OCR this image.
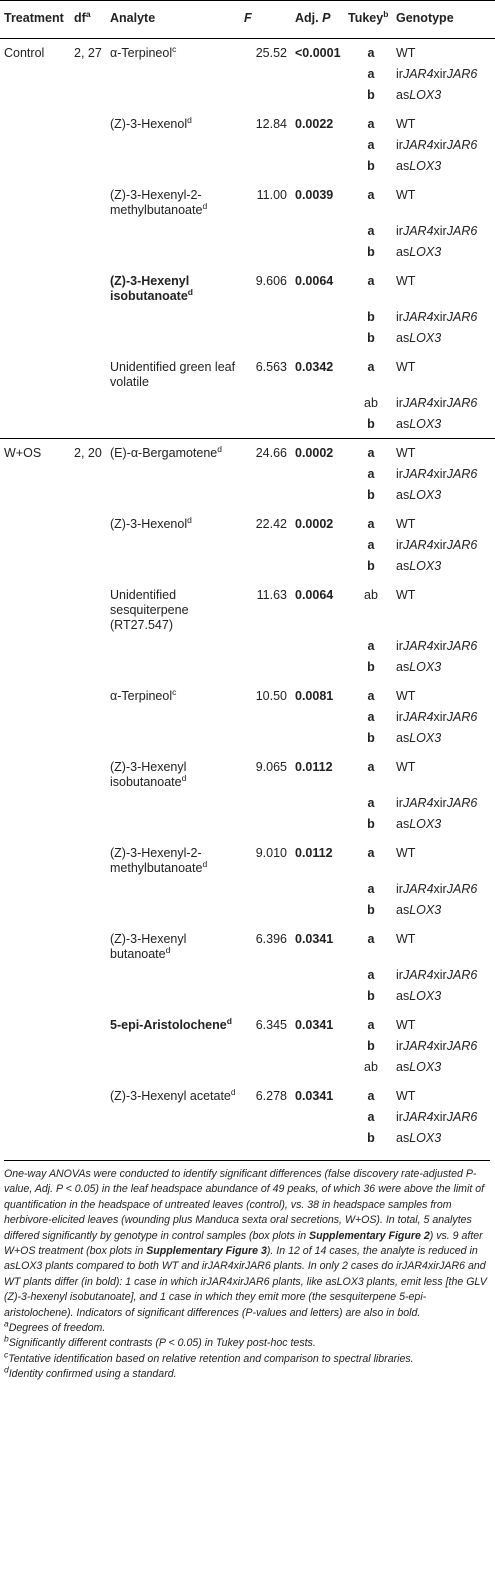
Treatment	$df^a$	Analyte	F	Adj. P	Tukey$^b$	Genotype
Control	2, 27	α-Terpineol$^c$	25.52	<0.0001	a	WT
					a	irJAR4xirJAR6
					b	asLOX3
		(Z)-3-Hexenol$^d$	12.84	0.0022	a	WT
					a	irJAR4xirJAR6
					b	asLOX3
		(Z)-3-Hexenyl-2-methylbutanoate$^d$	11.00	0.0039	a	WT
					a	irJAR4xirJAR6
					b	asLOX3
		(Z)-3-Hexenyl isobutanoate$^d$	9.606	0.0064	a	WT
					b	irJAR4xirJAR6
					b	asLOX3
		Unidentified green leaf volatile	6.563	0.0342	a	WT
					ab	irJAR4xirJAR6
					b	asLOX3
W+OS	2, 20	(E)-α-Bergamotene$^d$	24.66	0.0002	a	WT
					a	irJAR4xirJAR6
					b	asLOX3
		(Z)-3-Hexenol$^d$	22.42	0.0002	a	WT
					a	irJAR4xirJAR6
					b	asLOX3
		Unidentified sesquiterpene (RT27.547)	11.63	0.0064	ab	WT
					a	irJAR4xirJAR6
					b	asLOX3
		α-Terpineol$^c$	10.50	0.0081	a	WT
					a	irJAR4xirJAR6
					b	asLOX3
		(Z)-3-Hexenyl isobutanoate$^d$	9.065	0.0112	a	WT
					a	irJAR4xirJAR6
					b	asLOX3
		(Z)-3-Hexenyl-2-methylbutanoate$^d$	9.010	0.0112	a	WT
					a	irJAR4xirJAR6
					b	asLOX3
		(Z)-3-Hexenyl butanoate$^d$	6.396	0.0341	a	WT
					a	irJAR4xirJAR6
					b	asLOX3
		5-epi-Aristolochene$^d$	6.345	0.0341	a	WT
					b	irJAR4xirJAR6
					ab	asLOX3
		(Z)-3-Hexenyl acetate$^d$	6.278	0.0341	a	WT
					a	irJAR4xirJAR6
					b	asLOX3

One-way ANOVAs were conducted to identify significant differences (false discovery rate-adjusted P-value, Adj. P < 0.05) in the leaf headspace abundance of 49 peaks, of which 36 were above the limit of quantification in the headspace of untreated leaves (control), vs. 38 in headspace samples from herbivore-elicited leaves (wounding plus Manduca sexta oral secretions, W+OS). In total, 5 analytes differed significantly by genotype in control samples (box plots in Supplementary Figure 2) vs. 9 after W+OS treatment (box plots in Supplementary Figure 3). In 12 of 14 cases, the analyte is reduced in asLOX3 plants compared to both WT and irJAR4xirJAR6 plants. In only 2 cases do irJAR4xirJAR6 and WT plants differ (in bold): 1 case in which irJAR4xirJAR6 plants, like asLOX3 plants, emit less [the GLV (Z)-3-hexenyl isobutanoate], and 1 case in which they emit more (the sesquiterpene 5-epi-aristolochene). Indicators of significant differences (P-values and letters) are also in bold.

$^a$Degrees of freedom.

$^b$Significantly different contrasts (P < 0.05) in Tukey post-hoc tests.

$^c$Tentative identification based on relative retention and comparison to spectral libraries.

$^d$Identity confirmed using a standard.
